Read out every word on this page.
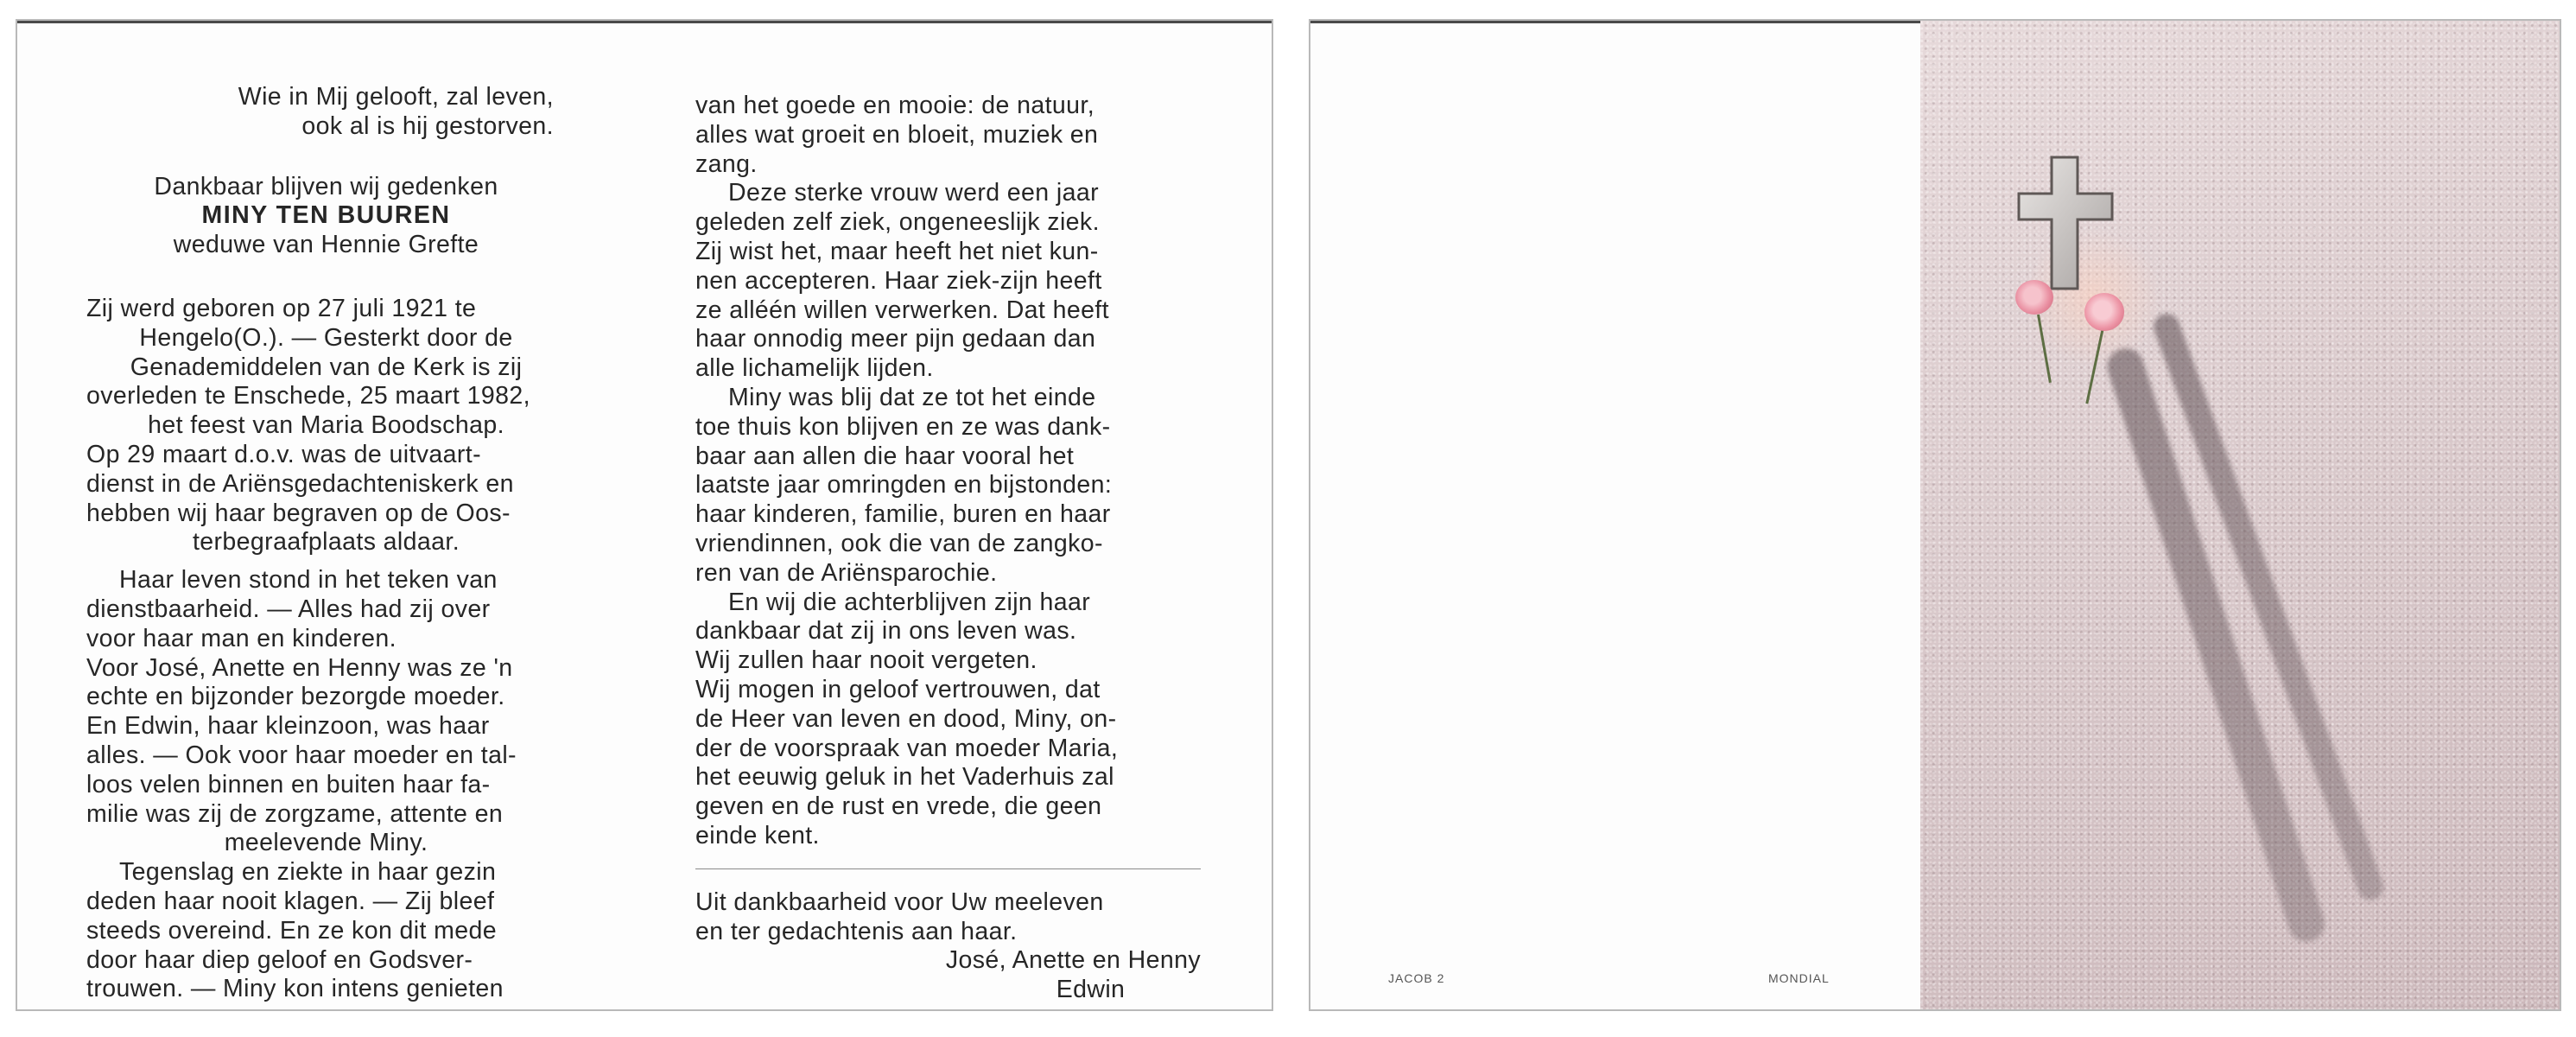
Wie in Mij gelooft, zal leven,

ook al is hij gestorven.

Dankbaar blijven wij gedenken

MINY TEN BUUREN

weduwe van Hennie Grefte

Zij werd geboren op 27 juli 1921 te

Hengelo(O.). — Gesterkt door de

Genademiddelen van de Kerk is zij

overleden te Enschede, 25 maart 1982,

het feest van Maria Boodschap.

Op 29 maart d.o.v. was de uitvaart-

dienst in de Ariënsgedachteniskerk en

hebben wij haar begraven op de Oos-

terbegraafplaats aldaar.

Haar leven stond in het teken van

dienstbaarheid. — Alles had zij over

voor haar man en kinderen.

Voor José, Anette en Henny was ze 'n

echte en bijzonder bezorgde moeder.

En Edwin, haar kleinzoon, was haar

alles. — Ook voor haar moeder en tal-

loos velen binnen en buiten haar fa-

milie was zij de zorgzame, attente en

meelevende Miny.

Tegenslag en ziekte in haar gezin

deden haar nooit klagen. — Zij bleef

steeds overeind. En ze kon dit mede

door haar diep geloof en Godsver-

trouwen. — Miny kon intens genieten

van het goede en mooie: de natuur,

alles wat groeit en bloeit, muziek en

zang.

Deze sterke vrouw werd een jaar

geleden zelf ziek, ongeneeslijk ziek.

Zij wist het, maar heeft het niet kun-

nen accepteren. Haar ziek-zijn heeft

ze alléén willen verwerken. Dat heeft

haar onnodig meer pijn gedaan dan

alle lichamelijk lijden.

Miny was blij dat ze tot het einde

toe thuis kon blijven en ze was dank-

baar aan allen die haar vooral het

laatste jaar omringden en bijstonden:

haar kinderen, familie, buren en haar

vriendinnen, ook die van de zangko-

ren van de Ariënsparochie.

En wij die achterblijven zijn haar

dankbaar dat zij in ons leven was.

Wij zullen haar nooit vergeten.

Wij mogen in geloof vertrouwen, dat

de Heer van leven en dood, Miny, on-

der de voorspraak van moeder Maria,

het eeuwig geluk in het Vaderhuis zal

geven en de rust en vrede, die geen

einde kent.

Uit dankbaarheid voor Uw meeleven

en ter gedachtenis aan haar.

José, Anette en Henny

Edwin	JACOB 2	MONDIAL
